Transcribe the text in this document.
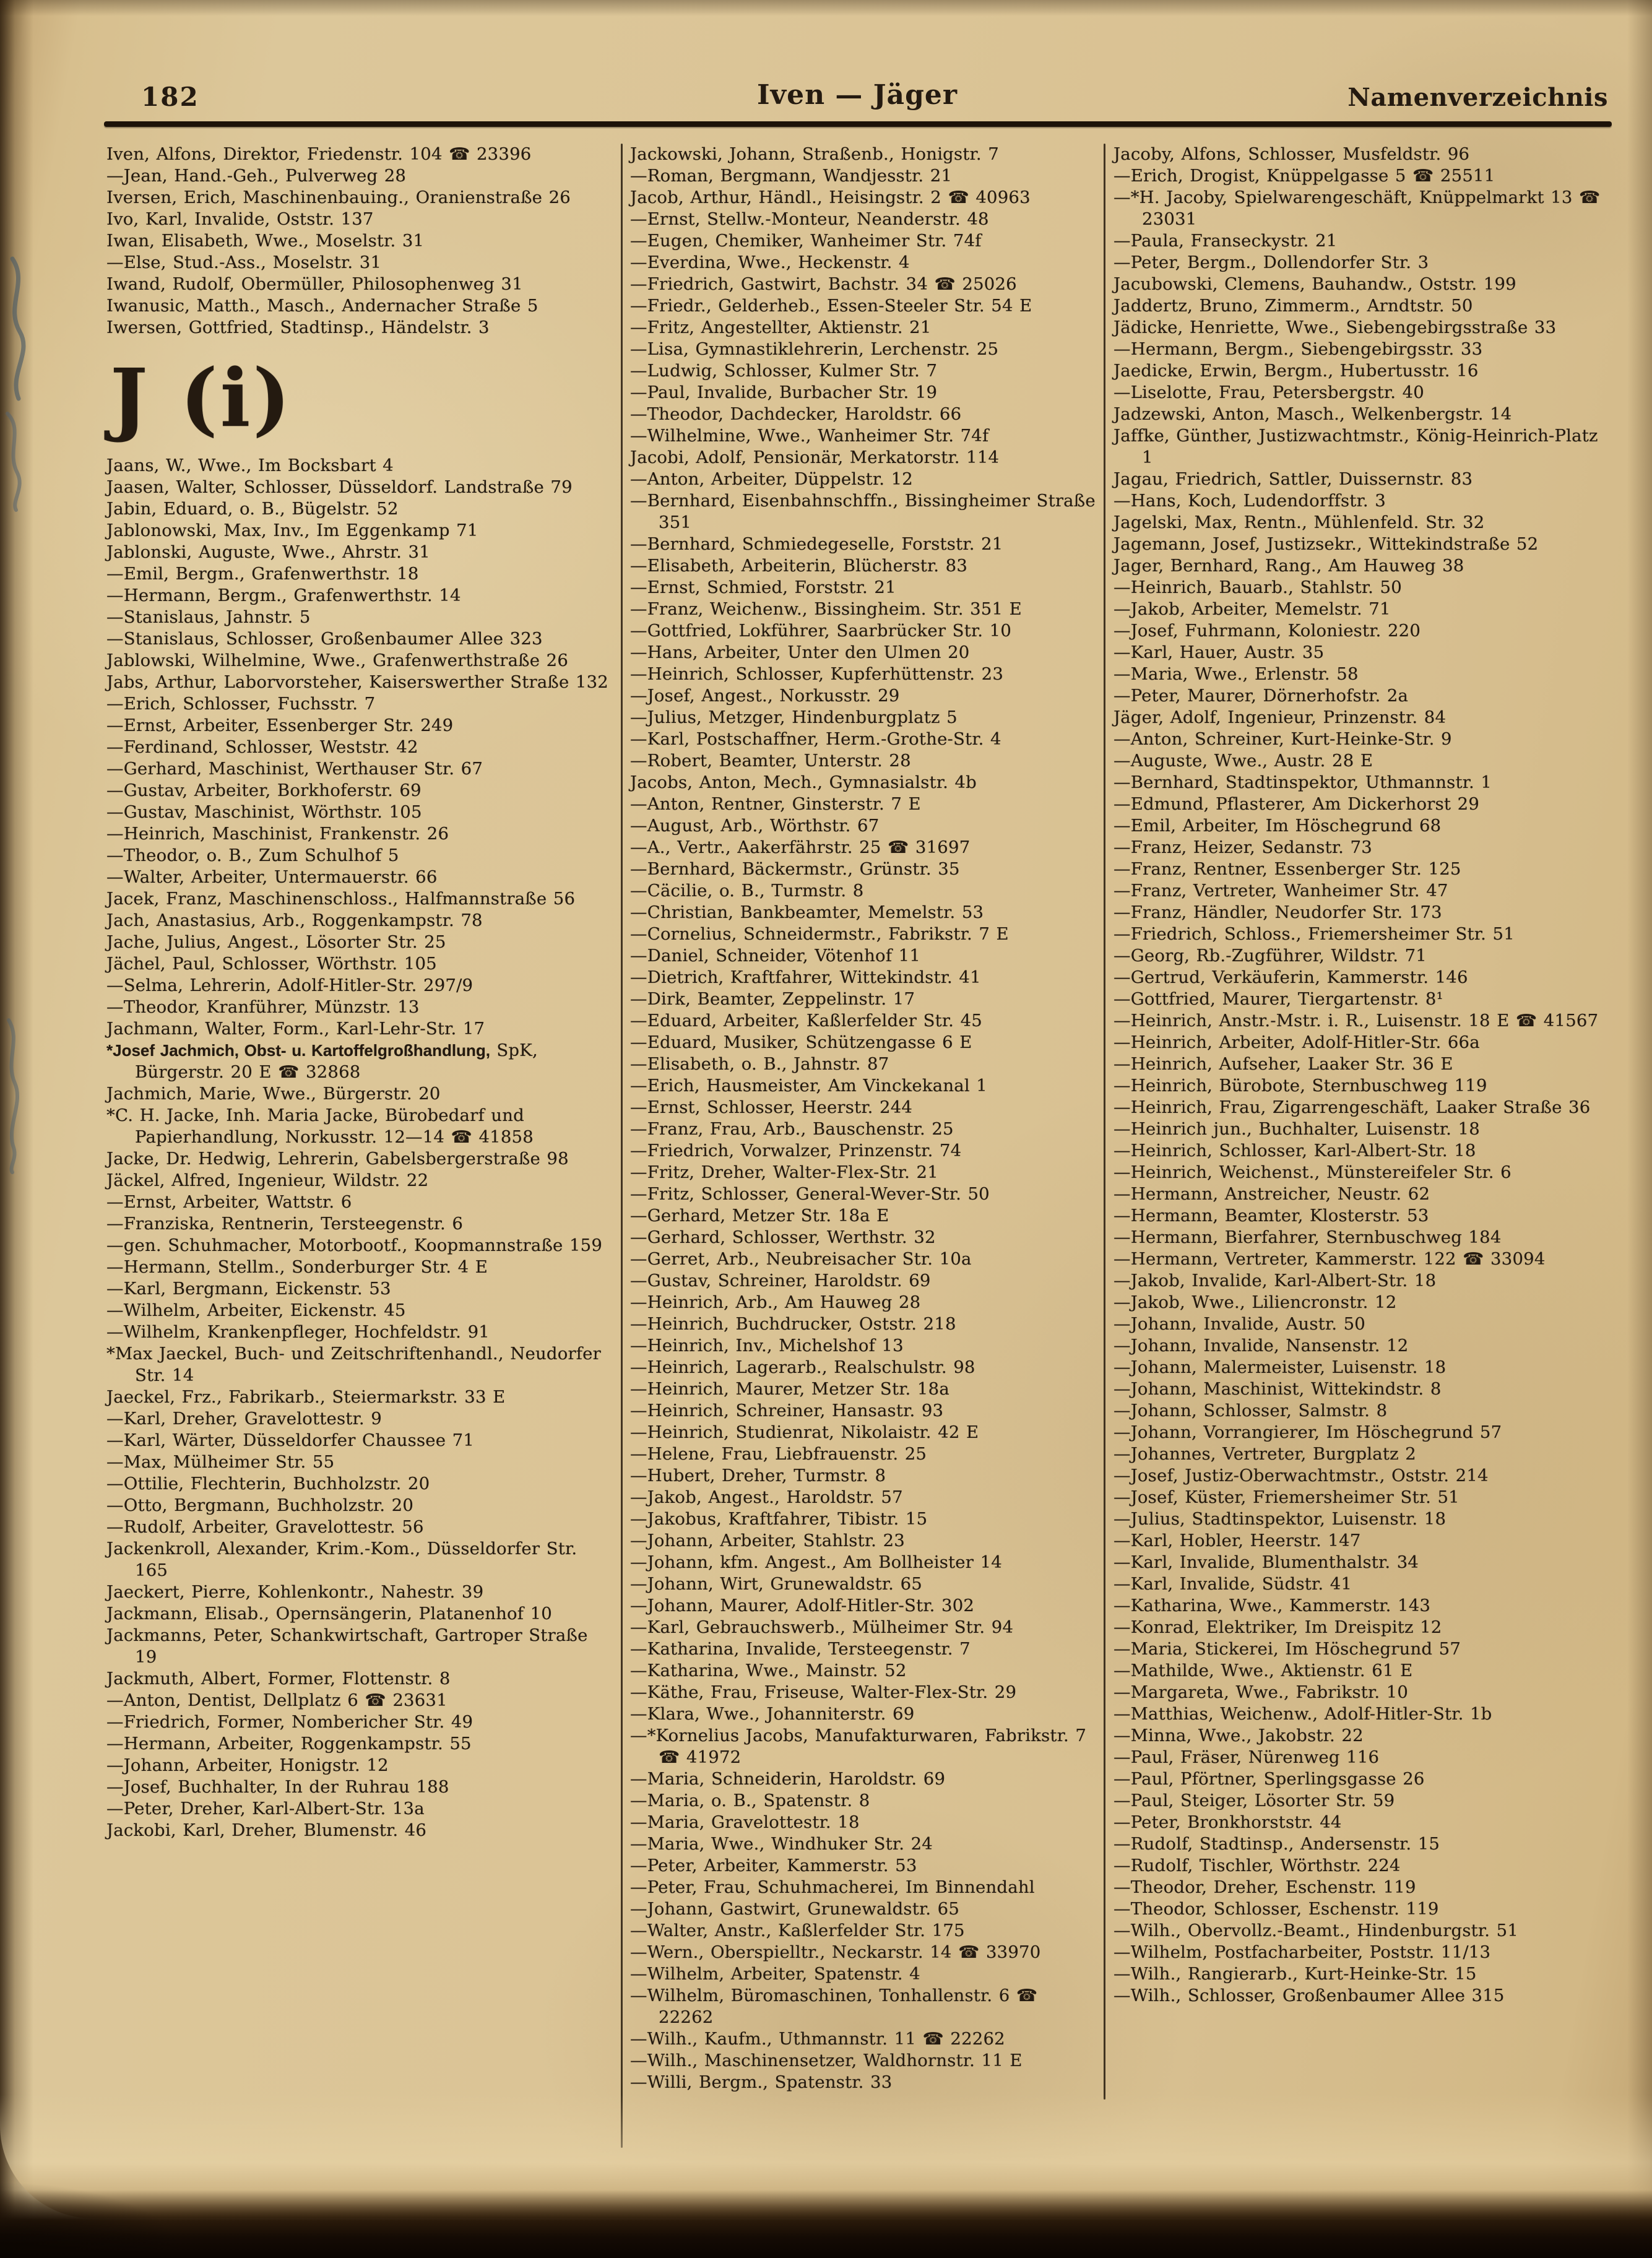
182	Iven — Jäger	Namenverzeichnis

Iven, Alfons, Direktor, Friedenstr. 104 ☎ 23396

—Jean, Hand.-Geh., Pulverweg 28

Iversen, Erich, Maschinenbauing., Oranienstraße 26

Ivo, Karl, Invalide, Oststr. 137

Iwan, Elisabeth, Wwe., Moselstr. 31

—Else, Stud.-Ass., Moselstr. 31

Iwand, Rudolf, Obermüller, Philosophenweg 31

Iwanusic, Matth., Masch., Andernacher Straße 5

Iwersen, Gottfried, Stadtinsp., Händelstr. 3

J (i)

Jaans, W., Wwe., Im Bocksbart 4

Jaasen, Walter, Schlosser, Düsseldorf. Landstraße 79

Jabin, Eduard, o. B., Bügelstr. 52

Jablonowski, Max, Inv., Im Eggenkamp 71

Jablonski, Auguste, Wwe., Ahrstr. 31

—Emil, Bergm., Grafenwerthstr. 18

—Hermann, Bergm., Grafenwerthstr. 14

—Stanislaus, Jahnstr. 5

—Stanislaus, Schlosser, Großenbaumer Allee 323

Jablowski, Wilhelmine, Wwe., Grafenwerthstraße 26

Jabs, Arthur, Laborvorsteher, Kaiserswerther Straße 132

—Erich, Schlosser, Fuchsstr. 7

—Ernst, Arbeiter, Essenberger Str. 249

—Ferdinand, Schlosser, Weststr. 42

—Gerhard, Maschinist, Werthauser Str. 67

—Gustav, Arbeiter, Borkhoferstr. 69

—Gustav, Maschinist, Wörthstr. 105

—Heinrich, Maschinist, Frankenstr. 26

—Theodor, o. B., Zum Schulhof 5

—Walter, Arbeiter, Untermauerstr. 66

Jacek, Franz, Maschinenschloss., Halfmannstraße 56

Jach, Anastasius, Arb., Roggenkampstr. 78

Jache, Julius, Angest., Lösorter Str. 25

Jächel, Paul, Schlosser, Wörthstr. 105

—Selma, Lehrerin, Adolf-Hitler-Str. 297/9

—Theodor, Kranführer, Münzstr. 13

Jachmann, Walter, Form., Karl-Lehr-Str. 17

*Josef Jachmich, Obst- u. Kartoffelgroßhandlung, SpK, Bürgerstr. 20 E ☎ 32868

Jachmich, Marie, Wwe., Bürgerstr. 20

*C. H. Jacke, Inh. Maria Jacke, Bürobedarf und Papierhandlung, Norkusstr. 12—14 ☎ 41858

Jacke, Dr. Hedwig, Lehrerin, Gabelsbergerstraße 98

Jäckel, Alfred, Ingenieur, Wildstr. 22

—Ernst, Arbeiter, Wattstr. 6

—Franziska, Rentnerin, Tersteegenstr. 6

—gen. Schuhmacher, Motorbootf., Koopmannstraße 159

—Hermann, Stellm., Sonderburger Str. 4 E

—Karl, Bergmann, Eickenstr. 53

—Wilhelm, Arbeiter, Eickenstr. 45

—Wilhelm, Krankenpfleger, Hochfeldstr. 91

*Max Jaeckel, Buch- und Zeitschriftenhandl., Neudorfer Str. 14

Jaeckel, Frz., Fabrikarb., Steiermarkstr. 33 E

—Karl, Dreher, Gravelottestr. 9

—Karl, Wärter, Düsseldorfer Chaussee 71

—Max, Mülheimer Str. 55

—Ottilie, Flechterin, Buchholzstr. 20

—Otto, Bergmann, Buchholzstr. 20

—Rudolf, Arbeiter, Gravelottestr. 56

Jackenkroll, Alexander, Krim.-Kom., Düsseldorfer Str. 165

Jaeckert, Pierre, Kohlenkontr., Nahestr. 39

Jackmann, Elisab., Opernsängerin, Platanenhof 10

Jackmanns, Peter, Schankwirtschaft, Gartroper Straße 19

Jackmuth, Albert, Former, Flottenstr. 8

—Anton, Dentist, Dellplatz 6 ☎ 23631

—Friedrich, Former, Nombericher Str. 49

—Hermann, Arbeiter, Roggenkampstr. 55

—Johann, Arbeiter, Honigstr. 12

—Josef, Buchhalter, In der Ruhrau 188

—Peter, Dreher, Karl-Albert-Str. 13a

Jackobi, Karl, Dreher, Blumenstr. 46

Jackowski, Johann, Straßenb., Honigstr. 7

—Roman, Bergmann, Wandjesstr. 21

Jacob, Arthur, Händl., Heisingstr. 2 ☎ 40963

—Ernst, Stellw.-Monteur, Neanderstr. 48

—Eugen, Chemiker, Wanheimer Str. 74f

—Everdina, Wwe., Heckenstr. 4

—Friedrich, Gastwirt, Bachstr. 34 ☎ 25026

—Friedr., Gelderheb., Essen-Steeler Str. 54 E

—Fritz, Angestellter, Aktienstr. 21

—Lisa, Gymnastiklehrerin, Lerchenstr. 25

—Ludwig, Schlosser, Kulmer Str. 7

—Paul, Invalide, Burbacher Str. 19

—Theodor, Dachdecker, Haroldstr. 66

—Wilhelmine, Wwe., Wanheimer Str. 74f

Jacobi, Adolf, Pensionär, Merkatorstr. 114

—Anton, Arbeiter, Düppelstr. 12

—Bernhard, Eisenbahnschffn., Bissingheimer Straße 351

—Bernhard, Schmiedegeselle, Forststr. 21

—Elisabeth, Arbeiterin, Blücherstr. 83

—Ernst, Schmied, Forststr. 21

—Franz, Weichenw., Bissingheim. Str. 351 E

—Gottfried, Lokführer, Saarbrücker Str. 10

—Hans, Arbeiter, Unter den Ulmen 20

—Heinrich, Schlosser, Kupferhüttenstr. 23

—Josef, Angest., Norkusstr. 29

—Julius, Metzger, Hindenburgplatz 5

—Karl, Postschaffner, Herm.-Grothe-Str. 4

—Robert, Beamter, Unterstr. 28

Jacobs, Anton, Mech., Gymnasialstr. 4b

—Anton, Rentner, Ginsterstr. 7 E

—August, Arb., Wörthstr. 67

—A., Vertr., Aakerfährstr. 25 ☎ 31697

—Bernhard, Bäckermstr., Grünstr. 35

—Cäcilie, o. B., Turmstr. 8

—Christian, Bankbeamter, Memelstr. 53

—Cornelius, Schneidermstr., Fabrikstr. 7 E

—Daniel, Schneider, Vötenhof 11

—Dietrich, Kraftfahrer, Wittekindstr. 41

—Dirk, Beamter, Zeppelinstr. 17

—Eduard, Arbeiter, Kaßlerfelder Str. 45

—Eduard, Musiker, Schützengasse 6 E

—Elisabeth, o. B., Jahnstr. 87

—Erich, Hausmeister, Am Vinckekanal 1

—Ernst, Schlosser, Heerstr. 244

—Franz, Frau, Arb., Bauschenstr. 25

—Friedrich, Vorwalzer, Prinzenstr. 74

—Fritz, Dreher, Walter-Flex-Str. 21

—Fritz, Schlosser, General-Wever-Str. 50

—Gerhard, Metzer Str. 18a E

—Gerhard, Schlosser, Werthstr. 32

—Gerret, Arb., Neubreisacher Str. 10a

—Gustav, Schreiner, Haroldstr. 69

—Heinrich, Arb., Am Hauweg 28

—Heinrich, Buchdrucker, Oststr. 218

—Heinrich, Inv., Michelshof 13

—Heinrich, Lagerarb., Realschulstr. 98

—Heinrich, Maurer, Metzer Str. 18a

—Heinrich, Schreiner, Hansastr. 93

—Heinrich, Studienrat, Nikolaistr. 42 E

—Helene, Frau, Liebfrauenstr. 25

—Hubert, Dreher, Turmstr. 8

—Jakob, Angest., Haroldstr. 57

—Jakobus, Kraftfahrer, Tibistr. 15

—Johann, Arbeiter, Stahlstr. 23

—Johann, kfm. Angest., Am Bollheister 14

—Johann, Wirt, Grunewaldstr. 65

—Johann, Maurer, Adolf-Hitler-Str. 302

—Karl, Gebrauchswerb., Mülheimer Str. 94

—Katharina, Invalide, Tersteegenstr. 7

—Katharina, Wwe., Mainstr. 52

—Käthe, Frau, Friseuse, Walter-Flex-Str. 29

—Klara, Wwe., Johanniterstr. 69

—*Kornelius Jacobs, Manufakturwaren, Fabrikstr. 7 ☎ 41972

—Maria, Schneiderin, Haroldstr. 69

—Maria, o. B., Spatenstr. 8

—Maria, Gravelottestr. 18

—Maria, Wwe., Windhuker Str. 24

—Peter, Arbeiter, Kammerstr. 53

—Peter, Frau, Schuhmacherei, Im Binnendahl

—Johann, Gastwirt, Grunewaldstr. 65

—Walter, Anstr., Kaßlerfelder Str. 175

—Wern., Oberspielltr., Neckarstr. 14 ☎ 33970

—Wilhelm, Arbeiter, Spatenstr. 4

—Wilhelm, Büromaschinen, Tonhallenstr. 6 ☎ 22262

—Wilh., Kaufm., Uthmannstr. 11 ☎ 22262

—Wilh., Maschinensetzer, Waldhornstr. 11 E

—Willi, Bergm., Spatenstr. 33

Jacoby, Alfons, Schlosser, Musfeldstr. 96

—Erich, Drogist, Knüppelgasse 5 ☎ 25511

—*H. Jacoby, Spielwarengeschäft, Knüppelmarkt 13 ☎ 23031

—Paula, Franseckystr. 21

—Peter, Bergm., Dollendorfer Str. 3

Jacubowski, Clemens, Bauhandw., Oststr. 199

Jaddertz, Bruno, Zimmerm., Arndtstr. 50

Jädicke, Henriette, Wwe., Siebengebirgsstraße 33

—Hermann, Bergm., Siebengebirgsstr. 33

Jaedicke, Erwin, Bergm., Hubertusstr. 16

—Liselotte, Frau, Petersbergstr. 40

Jadzewski, Anton, Masch., Welkenbergstr. 14

Jaffke, Günther, Justizwachtmstr., König-Heinrich-Platz 1

Jagau, Friedrich, Sattler, Duissernstr. 83

—Hans, Koch, Ludendorffstr. 3

Jagelski, Max, Rentn., Mühlenfeld. Str. 32

Jagemann, Josef, Justizsekr., Wittekindstraße 52

Jager, Bernhard, Rang., Am Hauweg 38

—Heinrich, Bauarb., Stahlstr. 50

—Jakob, Arbeiter, Memelstr. 71

—Josef, Fuhrmann, Koloniestr. 220

—Karl, Hauer, Austr. 35

—Maria, Wwe., Erlenstr. 58

—Peter, Maurer, Dörnerhofstr. 2a

Jäger, Adolf, Ingenieur, Prinzenstr. 84

—Anton, Schreiner, Kurt-Heinke-Str. 9

—Auguste, Wwe., Austr. 28 E

—Bernhard, Stadtinspektor, Uthmannstr. 1

—Edmund, Pflasterer, Am Dickerhorst 29

—Emil, Arbeiter, Im Höschegrund 68

—Franz, Heizer, Sedanstr. 73

—Franz, Rentner, Essenberger Str. 125

—Franz, Vertreter, Wanheimer Str. 47

—Franz, Händler, Neudorfer Str. 173

—Friedrich, Schloss., Friemersheimer Str. 51

—Georg, Rb.-Zugführer, Wildstr. 71

—Gertrud, Verkäuferin, Kammerstr. 146

—Gottfried, Maurer, Tiergartenstr. 8¹

—Heinrich, Anstr.-Mstr. i. R., Luisenstr. 18 E ☎ 41567

—Heinrich, Arbeiter, Adolf-Hitler-Str. 66a

—Heinrich, Aufseher, Laaker Str. 36 E

—Heinrich, Bürobote, Sternbuschweg 119

—Heinrich, Frau, Zigarrengeschäft, Laaker Straße 36

—Heinrich jun., Buchhalter, Luisenstr. 18

—Heinrich, Schlosser, Karl-Albert-Str. 18

—Heinrich, Weichenst., Münstereifeler Str. 6

—Hermann, Anstreicher, Neustr. 62

—Hermann, Beamter, Klosterstr. 53

—Hermann, Bierfahrer, Sternbuschweg 184

—Hermann, Vertreter, Kammerstr. 122 ☎ 33094

—Jakob, Invalide, Karl-Albert-Str. 18

—Jakob, Wwe., Liliencronstr. 12

—Johann, Invalide, Austr. 50

—Johann, Invalide, Nansenstr. 12

—Johann, Malermeister, Luisenstr. 18

—Johann, Maschinist, Wittekindstr. 8

—Johann, Schlosser, Salmstr. 8

—Johann, Vorrangierer, Im Höschegrund 57

—Johannes, Vertreter, Burgplatz 2

—Josef, Justiz-Oberwachtmstr., Oststr. 214

—Josef, Küster, Friemersheimer Str. 51

—Julius, Stadtinspektor, Luisenstr. 18

—Karl, Hobler, Heerstr. 147

—Karl, Invalide, Blumenthalstr. 34

—Karl, Invalide, Südstr. 41

—Katharina, Wwe., Kammerstr. 143

—Konrad, Elektriker, Im Dreispitz 12

—Maria, Stickerei, Im Höschegrund 57

—Mathilde, Wwe., Aktienstr. 61 E

—Margareta, Wwe., Fabrikstr. 10

—Matthias, Weichenw., Adolf-Hitler-Str. 1b

—Minna, Wwe., Jakobstr. 22

—Paul, Fräser, Nürenweg 116

—Paul, Pförtner, Sperlingsgasse 26

—Paul, Steiger, Lösorter Str. 59

—Peter, Bronkhorststr. 44

—Rudolf, Stadtinsp., Andersenstr. 15

—Rudolf, Tischler, Wörthstr. 224

—Theodor, Dreher, Eschenstr. 119

—Theodor, Schlosser, Eschenstr. 119

—Wilh., Obervollz.-Beamt., Hindenburgstr. 51

—Wilhelm, Postfacharbeiter, Poststr. 11/13

—Wilh., Rangierarb., Kurt-Heinke-Str. 15

—Wilh., Schlosser, Großenbaumer Allee 315
